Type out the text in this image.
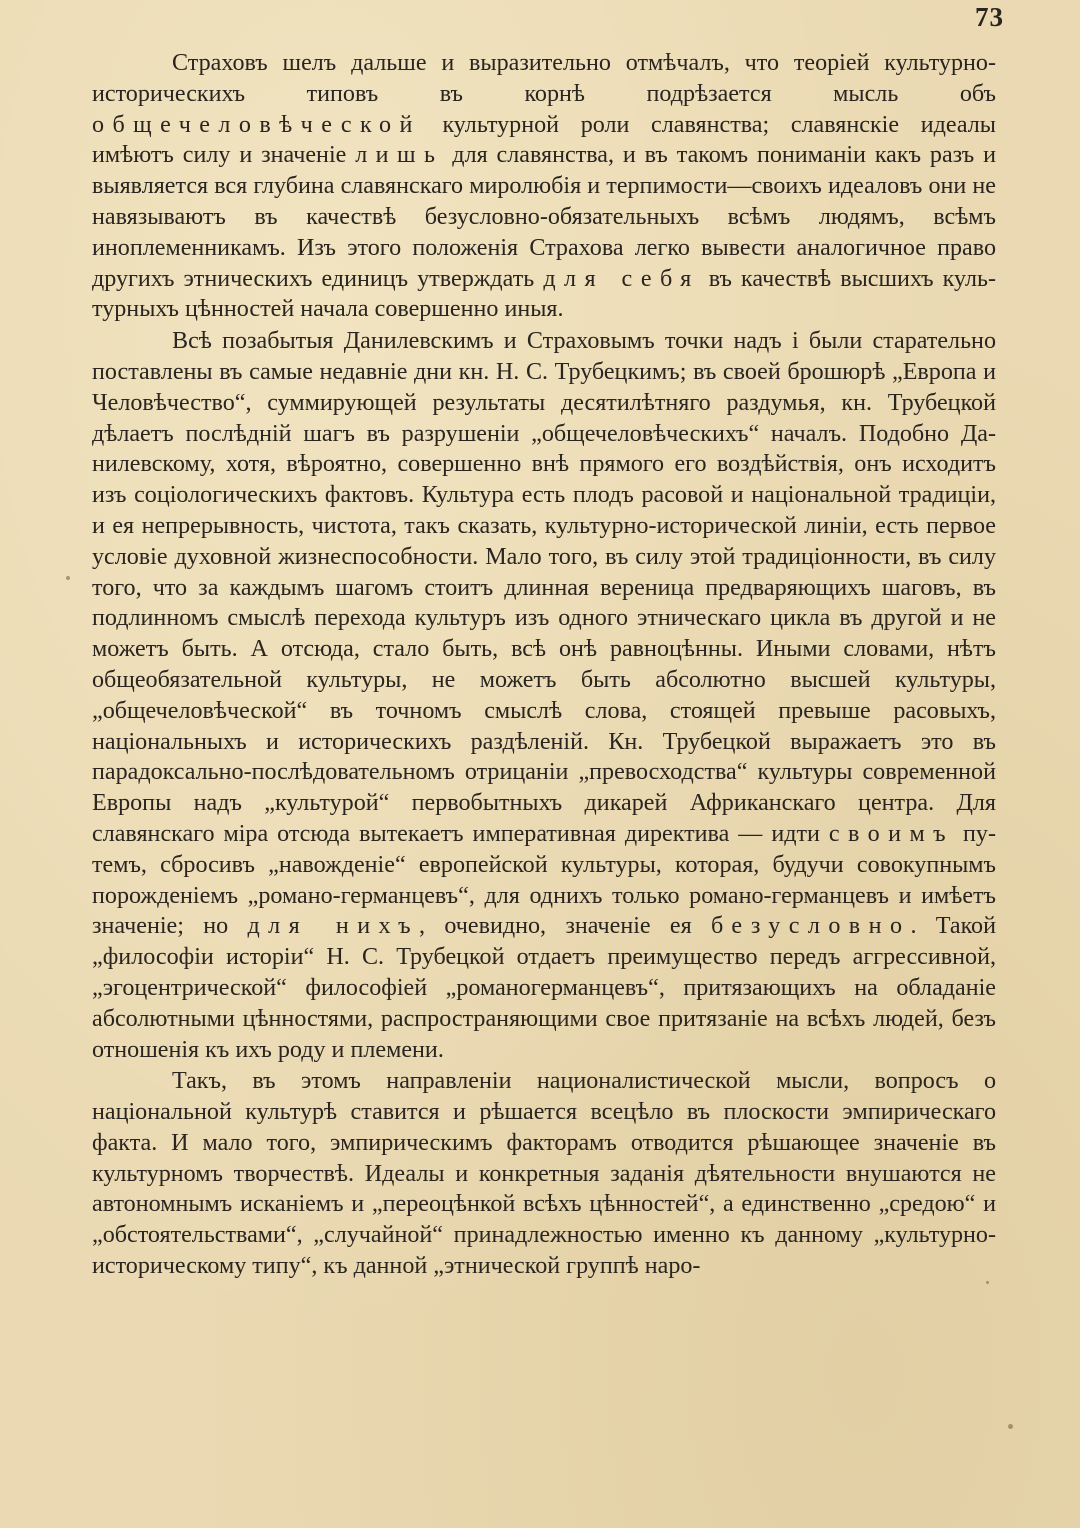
73

Страховъ шелъ дальше и выразительно отмѣчалъ, что теоріей культурно-историческихъ типовъ въ корнѣ подрѣзается мысль объ общечеловѣческой культурной роли славянства; славянскіе идеалы имѣютъ силу и значеніе лишь для славянства, и въ такомъ пониманіи какъ разъ и выявляется вся глубина славянскаго миролюбія и терпимости—своихъ идеаловъ они не навязываютъ въ качествѣ безусловно-обязательныхъ всѣмъ людямъ, всѣмъ иноплеменникамъ. Изъ этого положенія Страхова легко вывести аналогичное право другихъ этническихъ единицъ утверждать для себя въ качествѣ высшихъ культурныхъ цѣнностей начала совершенно иныя.

Всѣ позабытыя Данилевскимъ и Страховымъ точки надъ і были старательно поставлены въ самые недавніе дни кн. Н. С. Трубецкимъ; въ своей брошюрѣ „Европа и Человѣчество“, суммирующей результаты десятилѣтняго раздумья, кн. Трубецкой дѣлаетъ послѣдній шагъ въ разрушеніи „общечеловѣческихъ“ началъ. Подобно Данилевскому, хотя, вѣроятно, совершенно внѣ прямого его воздѣйствія, онъ исходитъ изъ соціологическихъ фактовъ. Культура есть плодъ расовой и національной традиціи, и ея непрерывность, чистота, такъ сказать, культурно-исторической линіи, есть первое условіе духовной жизнеспособности. Мало того, въ силу этой традиціонности, въ силу того, что за каждымъ шагомъ стоитъ длинная вереница предваряющихъ шаговъ, въ подлинномъ смыслѣ перехода культуръ изъ одного этническаго цикла въ другой и не можетъ быть. А отсюда, стало быть, всѣ онѣ равноцѣнны. Иными словами, нѣтъ общеобязательной культуры, не можетъ быть абсолютно высшей культуры, „общечеловѣческой“ въ точномъ смыслѣ слова, стоящей превыше расовыхъ, національныхъ и историческихъ раздѣленій. Кн. Трубецкой выражаетъ это въ парадоксально-послѣдовательномъ отрицаніи „превосходства“ культуры современной Европы надъ „культурой“ первобытныхъ дикарей Африканскаго центра. Для славянскаго міра отсюда вытекаетъ императивная директива — идти своимъ путемъ, сбросивъ „навожденіе“ европейской культуры, которая, будучи совокупнымъ порожденіемъ „романо-германцевъ“, для однихъ только романо-германцевъ и имѣетъ значеніе; но для нихъ, очевидно, значеніе ея безусловно. Такой „философіи исторіи“ Н. С. Трубецкой отдаетъ преимущество передъ аггрессивной, „эгоцентрической“ философіей „романогерманцевъ“, притязающихъ на обладаніе абсолютными цѣнностями, распространяющими свое притязаніе на всѣхъ людей, безъ отношенія къ ихъ роду и племени.

Такъ, въ этомъ направленіи националистической мысли, вопросъ о національной культурѣ ставится и рѣшается всецѣло въ плоскости эмпирическаго факта. И мало того, эмпирическимъ факторамъ отводится рѣшающее значеніе въ культурномъ творчествѣ. Идеалы и конкретныя заданія дѣятельности внушаются не автономнымъ исканіемъ и „переоцѣнкой всѣхъ цѣнностей“, а единственно „средою“ и „обстоятельствами“, „случайной“ принадлежностью именно къ данному „культурно-историческому типу“, къ данной „этнической группѣ наро-
